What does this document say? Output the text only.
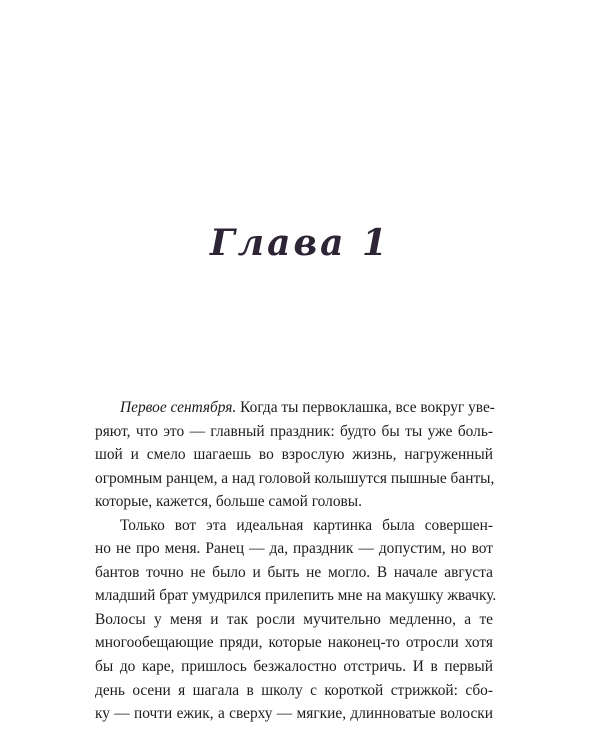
Глава 1
Первое сентября. Когда ты первоклашка, все вокруг уве-
ряют, что это — главный праздник: будто бы ты уже боль-
шой и смело шагаешь во взрослую жизнь, нагруженный
огромным ранцем, а над головой колышутся пышные банты,
которые, кажется, больше самой головы.
Только вот эта идеальная картинка была совершен-
но не про меня. Ранец — да, праздник — допустим, но вот
бантов точно не было и быть не могло. В начале августа
младший брат умудрился прилепить мне на макушку жвачку.
Волосы у меня и так росли мучительно медленно, а те
многообещающие пряди, которые наконец-то отросли хотя
бы до каре, пришлось безжалостно отстричь. И в первый
день осени я шагала в школу с короткой стрижкой: сбо-
ку — почти ежик, а сверху — мягкие, длинноватые волоски
